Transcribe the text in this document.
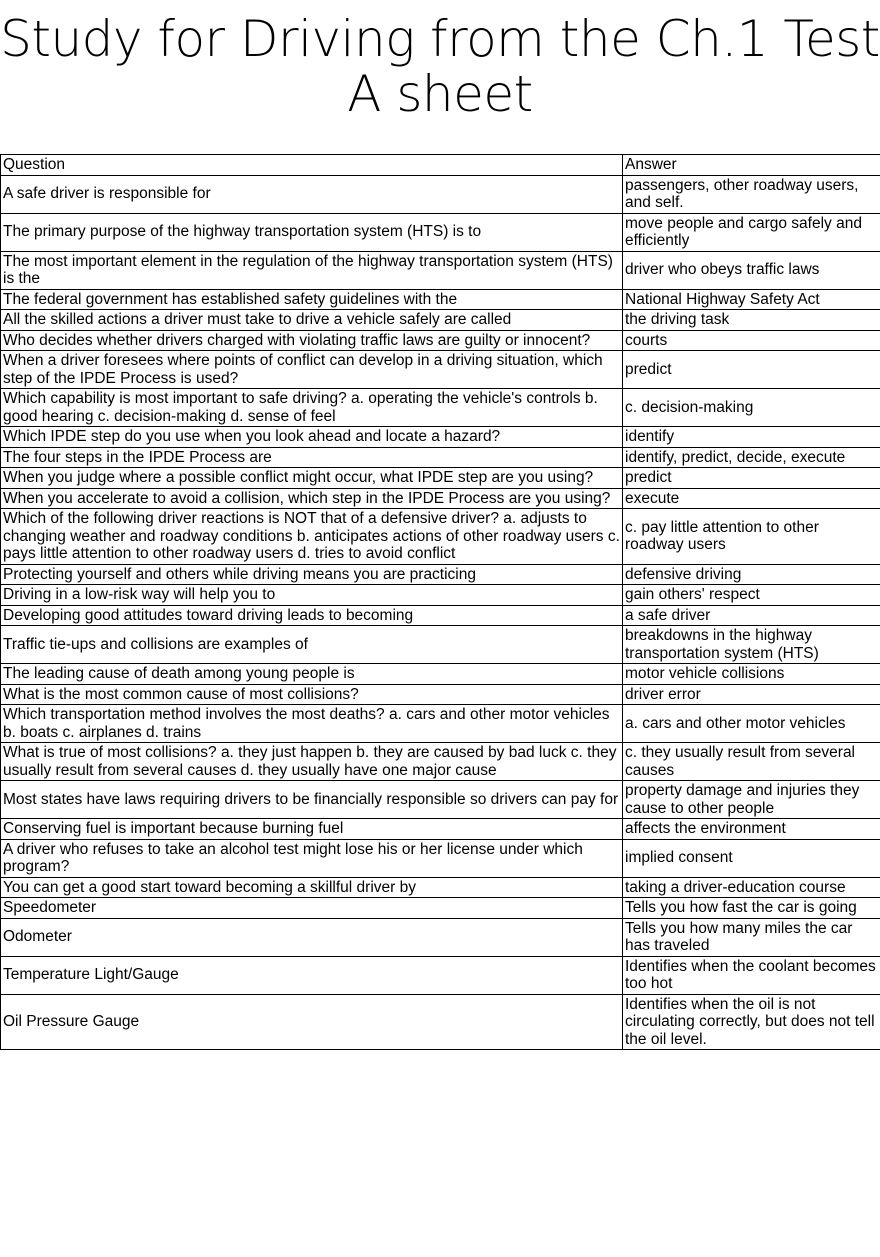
Study for Driving from the Ch.1 Test A sheet
Question	Answer
A safe driver is responsible for	passengers, other roadway users, and self.
The primary purpose of the highway transportation system (HTS) is to	move people and cargo safely and efficiently
The most important element in the regulation of the highway transportation system (HTS) is the	driver who obeys traffic laws
The federal government has established safety guidelines with the	National Highway Safety Act
All the skilled actions a driver must take to drive a vehicle safely are called	the driving task
Who decides whether drivers charged with violating traffic laws are guilty or innocent?	courts
When a driver foresees where points of conflict can develop in a driving situation, which step of the IPDE Process is used?	predict
Which capability is most important to safe driving? a. operating the vehicle's controls b. good hearing c. decision-making d. sense of feel	c. decision-making
Which IPDE step do you use when you look ahead and locate a hazard?	identify
The four steps in the IPDE Process are	identify, predict, decide, execute
When you judge where a possible conflict might occur, what IPDE step are you using?	predict
When you accelerate to avoid a collision, which step in the IPDE Process are you using?	execute
Which of the following driver reactions is NOT that of a defensive driver? a. adjusts to changing weather and roadway conditions b. anticipates actions of other roadway users c. pays little attention to other roadway users d. tries to avoid conflict	c. pay little attention to other roadway users
Protecting yourself and others while driving means you are practicing	defensive driving
Driving in a low-risk way will help you to	gain others' respect
Developing good attitudes toward driving leads to becoming	a safe driver
Traffic tie-ups and collisions are examples of	breakdowns in the highway transportation system (HTS)
The leading cause of death among young people is	motor vehicle collisions
What is the most common cause of most collisions?	driver error
Which transportation method involves the most deaths? a. cars and other motor vehicles b. boats c. airplanes d. trains	a. cars and other motor vehicles
What is true of most collisions? a. they just happen b. they are caused by bad luck c. they usually result from several causes d. they usually have one major cause	c. they usually result from several causes
Most states have laws requiring drivers to be financially responsible so drivers can pay for	property damage and injuries they cause to other people
Conserving fuel is important because burning fuel	affects the environment
A driver who refuses to take an alcohol test might lose his or her license under which program?	implied consent
You can get a good start toward becoming a skillful driver by	taking a driver-education course
Speedometer	Tells you how fast the car is going
Odometer	Tells you how many miles the car has traveled
Temperature Light/Gauge	Identifies when the coolant becomes too hot
Oil Pressure Gauge	Identifies when the oil is not circulating correctly, but does not tell the oil level.
